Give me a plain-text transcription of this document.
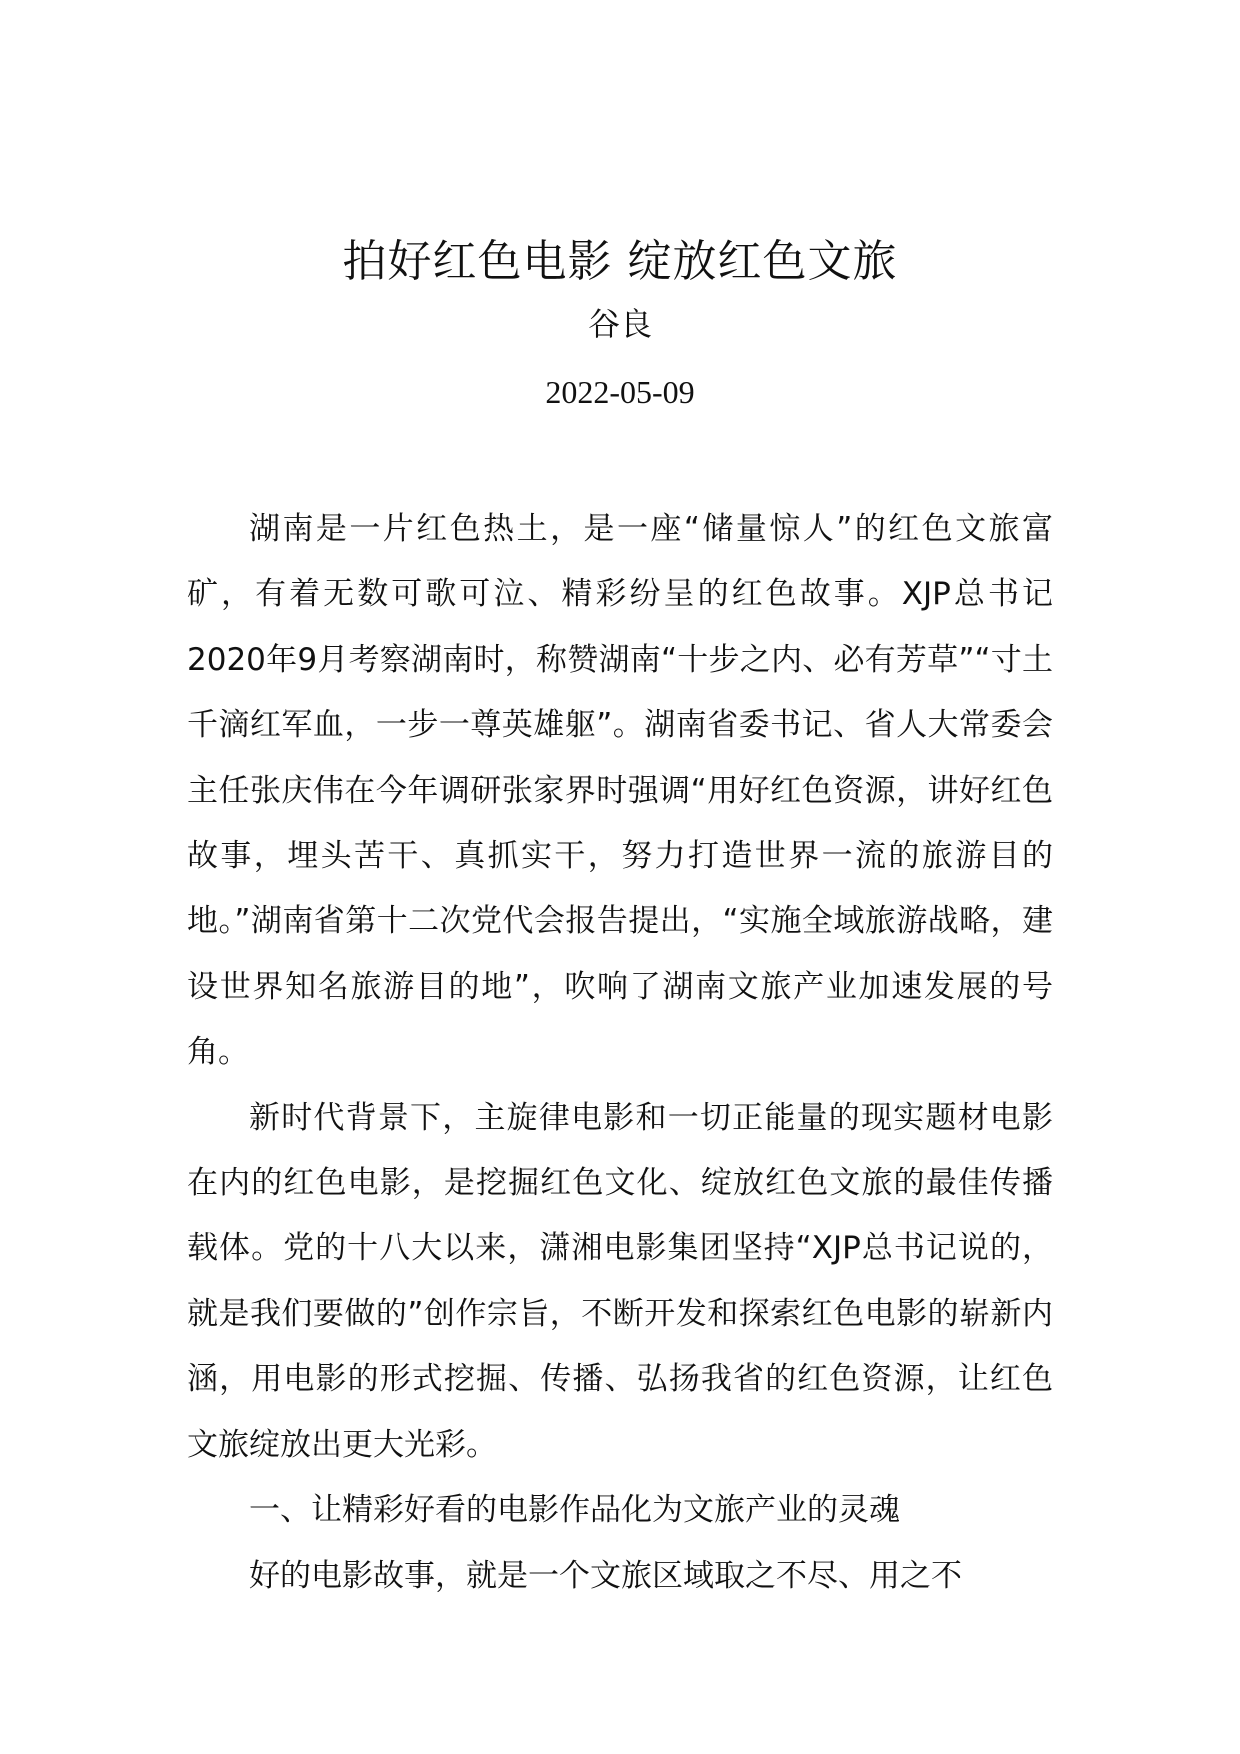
拍好红色电影 绽放红色文旅
谷良
2022-05-09

湖南是一片红色热土，是一座“储量惊人”的红色文旅富矿，有着无数可歌可泣、精彩纷呈的红色故事。XJP总书记2020年9月考察湖南时，称赞湖南“十步之内、必有芳草”“寸土千滴红军血，一步一尊英雄躯”。湖南省委书记、省人大常委会主任张庆伟在今年调研张家界时强调“用好红色资源，讲好红色故事，埋头苦干、真抓实干，努力打造世界一流的旅游目的地。”湖南省第十二次党代会报告提出，“实施全域旅游战略，建设世界知名旅游目的地”，吹响了湖南文旅产业加速发展的号角。

新时代背景下，主旋律电影和一切正能量的现实题材电影在内的红色电影，是挖掘红色文化、绽放红色文旅的最佳传播载体。党的十八大以来，潇湘电影集团坚持“XJP总书记说的，就是我们要做的”创作宗旨，不断开发和探索红色电影的崭新内涵，用电影的形式挖掘、传播、弘扬我省的红色资源，让红色文旅绽放出更大光彩。

一、让精彩好看的电影作品化为文旅产业的灵魂

好的电影故事，就是一个文旅区域取之不尽、用之不
